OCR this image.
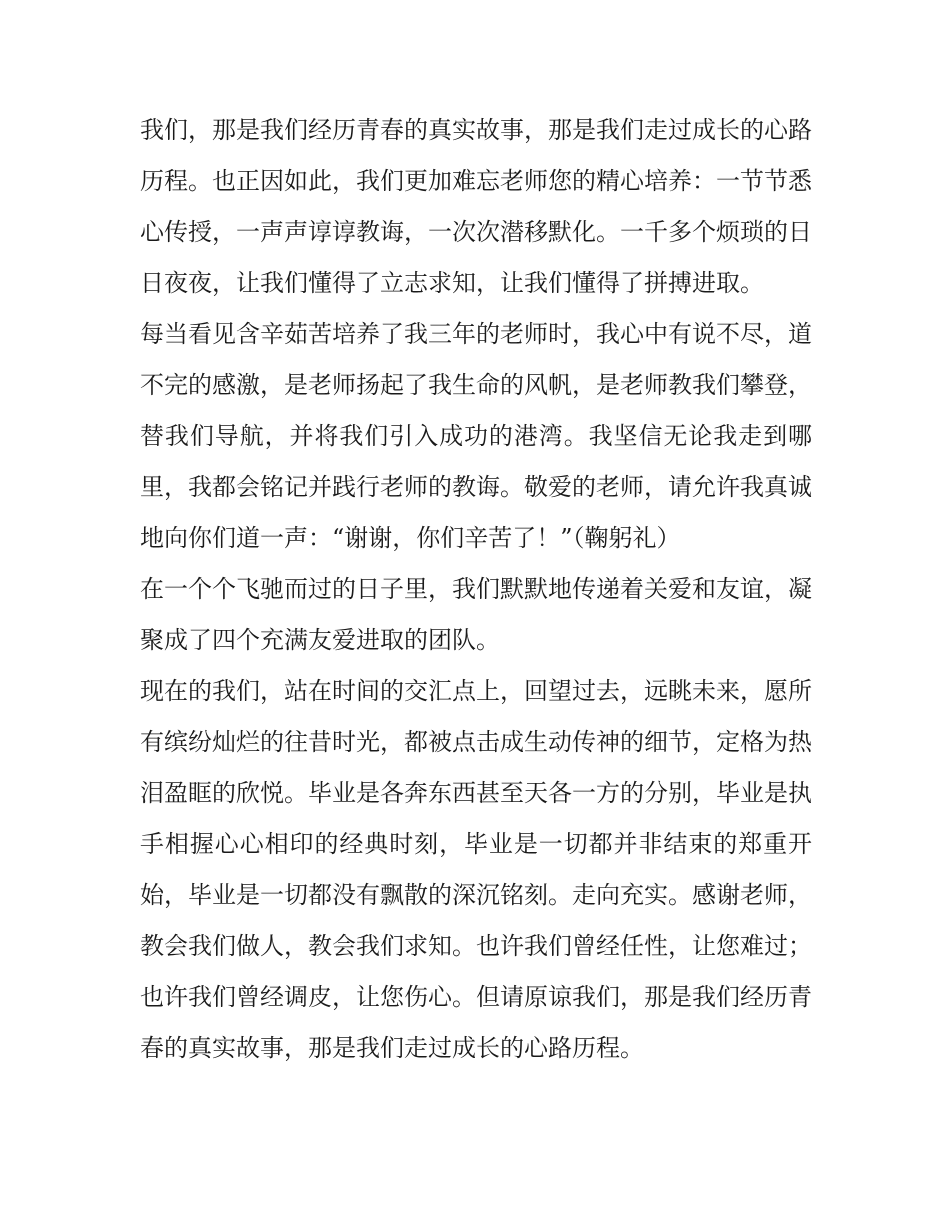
我们，那是我们经历青春的真实故事，那是我们走过成长的心路历程。也正因如此，我们更加难忘老师您的精心培养：一节节悉心传授，一声声谆谆教诲，一次次潜移默化。一千多个烦琐的日日夜夜，让我们懂得了立志求知，让我们懂得了拼搏进取。

每当看见含辛茹苦培养了我三年的老师时，我心中有说不尽，道不完的感激，是老师扬起了我生命的风帆，是老师教我们攀登，替我们导航，并将我们引入成功的港湾。我坚信无论我走到哪里，我都会铭记并践行老师的教诲。敬爱的老师，请允许我真诚地向你们道一声：“谢谢，你们辛苦了！”（鞠躬礼）

在一个个飞驰而过的日子里，我们默默地传递着关爱和友谊，凝聚成了四个充满友爱进取的团队。

现在的我们，站在时间的交汇点上，回望过去，远眺未来，愿所有缤纷灿烂的往昔时光，都被点击成生动传神的细节，定格为热泪盈眶的欣悦。毕业是各奔东西甚至天各一方的分别，毕业是执手相握心心相印的经典时刻，毕业是一切都并非结束的郑重开始，毕业是一切都没有飘散的深沉铭刻。走向充实。感谢老师，教会我们做人，教会我们求知。也许我们曾经任性，让您难过；也许我们曾经调皮，让您伤心。但请原谅我们，那是我们经历青春的真实故事，那是我们走过成长的心路历程。
